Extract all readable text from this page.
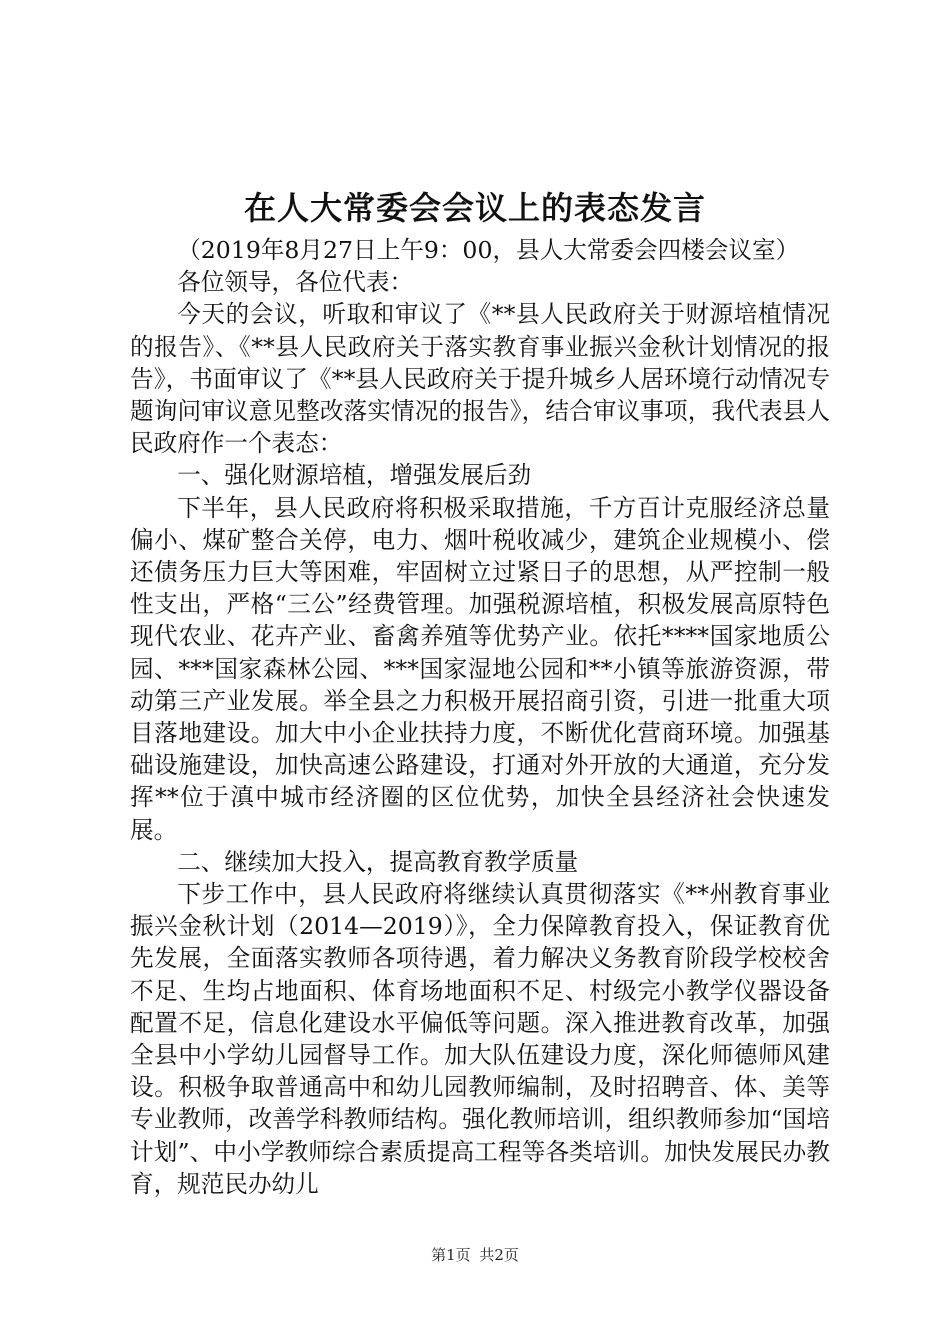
在人大常委会会议上的表态发言

（2019年8月27日上午9：00，县人大常委会四楼会议室）

各位领导，各位代表：

今天的会议，听取和审议了《**县人民政府关于财源培植情况的报告》、《**县人民政府关于落实教育事业振兴金秋计划情况的报告》，书面审议了《**县人民政府关于提升城乡人居环境行动情况专题询问审议意见整改落实情况的报告》，结合审议事项，我代表县人民政府作一个表态：

一、强化财源培植，增强发展后劲

下半年，县人民政府将积极采取措施，千方百计克服经济总量偏小、煤矿整合关停，电力、烟叶税收减少，建筑企业规模小、偿还债务压力巨大等困难，牢固树立过紧日子的思想，从严控制一般性支出，严格“三公”经费管理。加强税源培植，积极发展高原特色现代农业、花卉产业、畜禽养殖等优势产业。依托****国家地质公园、***国家森林公园、***国家湿地公园和**小镇等旅游资源，带动第三产业发展。举全县之力积极开展招商引资，引进一批重大项目落地建设。加大中小企业扶持力度，不断优化营商环境。加强基础设施建设，加快高速公路建设，打通对外开放的大通道，充分发挥**位于滇中城市经济圈的区位优势，加快全县经济社会快速发展。

二、继续加大投入，提高教育教学质量

下步工作中，县人民政府将继续认真贯彻落实《**州教育事业振兴金秋计划（2014—2019）》，全力保障教育投入，保证教育优先发展，全面落实教师各项待遇，着力解决义务教育阶段学校校舍不足、生均占地面积、体育场地面积不足、村级完小教学仪器设备配置不足，信息化建设水平偏低等问题。深入推进教育改革，加强全县中小学幼儿园督导工作。加大队伍建设力度，深化师德师风建设。积极争取普通高中和幼儿园教师编制，及时招聘音、体、美等专业教师，改善学科教师结构。强化教师培训，组织教师参加“国培计划”、中小学教师综合素质提高工程等各类培训。加快发展民办教育，规范民办幼儿

第1页 共2页
